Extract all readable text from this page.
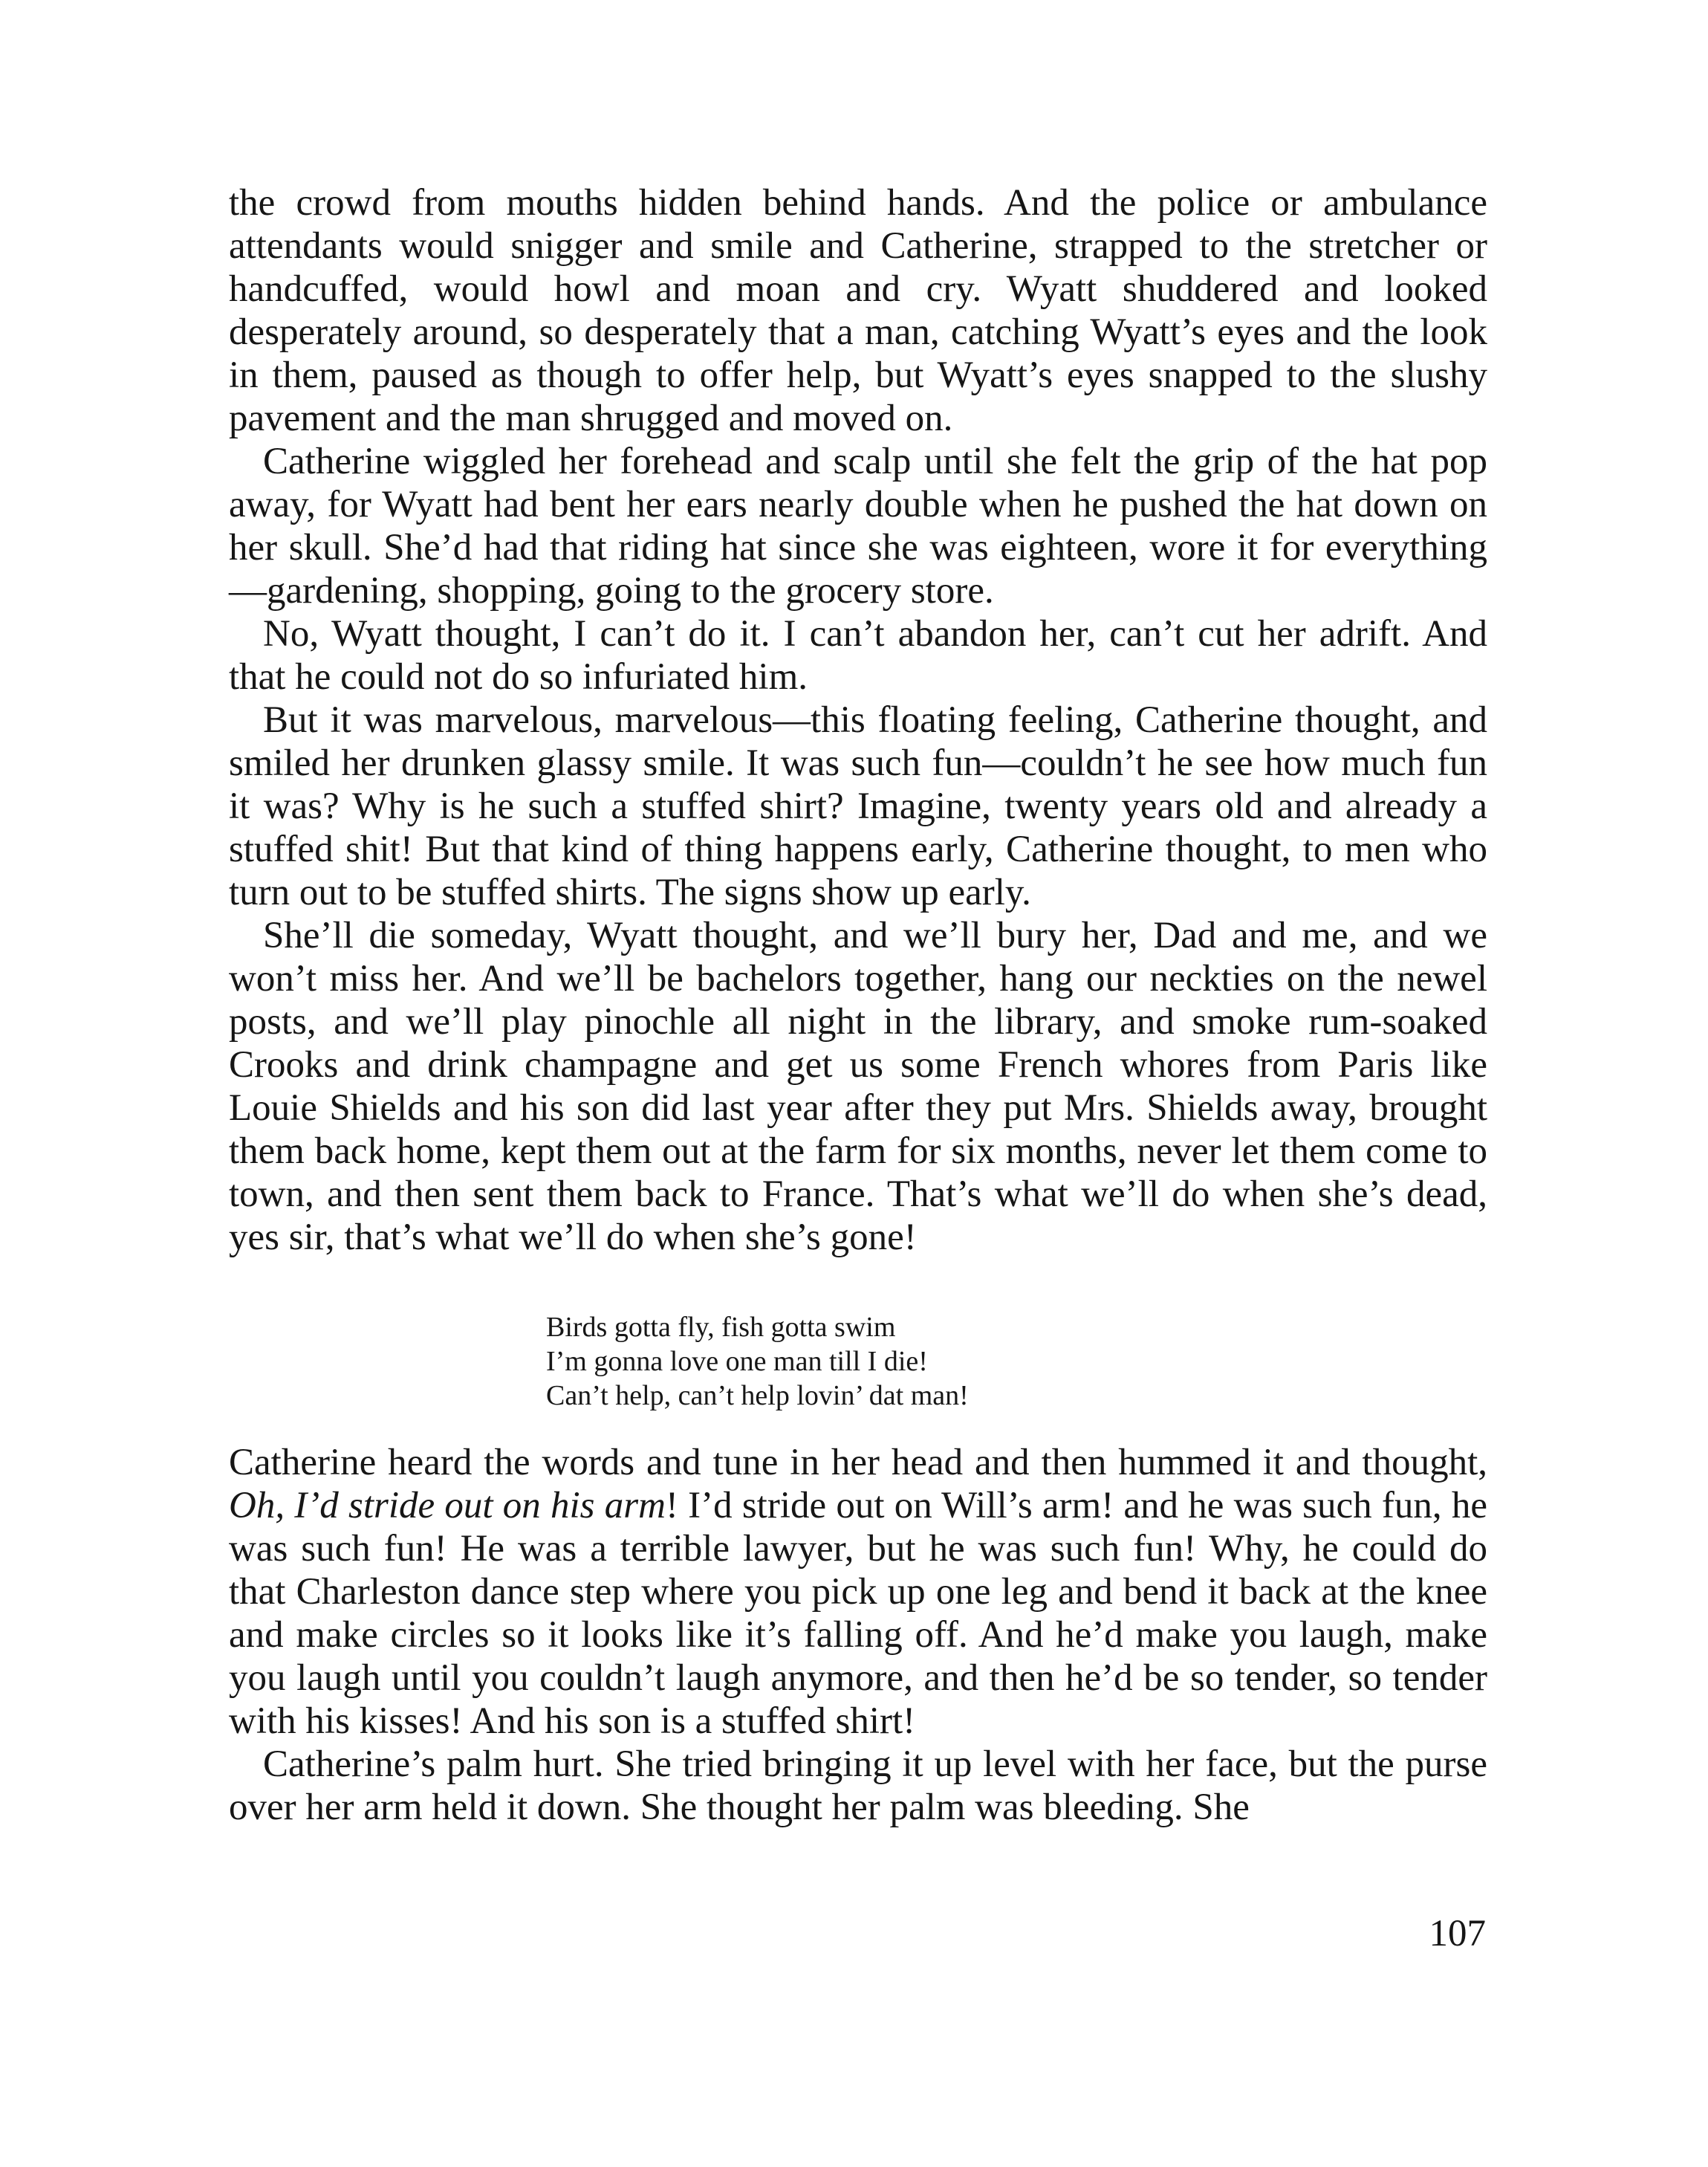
the crowd from mouths hidden behind hands. And the police or ambulance attendants would snigger and smile and Catherine, strapped to the stretcher or handcuffed, would howl and moan and cry. Wyatt shuddered and looked desperately around, so desperately that a man, catching Wyatt’s eyes and the look in them, paused as though to offer help, but Wyatt’s eyes snapped to the slushy pavement and the man shrugged and moved on.

Catherine wiggled her forehead and scalp until she felt the grip of the hat pop away, for Wyatt had bent her ears nearly double when he pushed the hat down on her skull. She’d had that riding hat since she was eighteen, wore it for everything—gardening, shopping, going to the grocery store.

No, Wyatt thought, I can’t do it. I can’t abandon her, can’t cut her adrift. And that he could not do so infuriated him.

But it was marvelous, marvelous—this floating feeling, Catherine thought, and smiled her drunken glassy smile. It was such fun—couldn’t he see how much fun it was? Why is he such a stuffed shirt? Imagine, twenty years old and already a stuffed shit! But that kind of thing happens early, Catherine thought, to men who turn out to be stuffed shirts. The signs show up early.

She’ll die someday, Wyatt thought, and we’ll bury her, Dad and me, and we won’t miss her. And we’ll be bachelors together, hang our neckties on the newel posts, and we’ll play pinochle all night in the library, and smoke rum-soaked Crooks and drink champagne and get us some French whores from Paris like Louie Shields and his son did last year after they put Mrs. Shields away, brought them back home, kept them out at the farm for six months, never let them come to town, and then sent them back to France. That’s what we’ll do when she’s dead, yes sir, that’s what we’ll do when she’s gone!

Birds gotta fly, fish gotta swim
I’m gonna love one man till I die!
Can’t help, can’t help lovin’ dat man!

Catherine heard the words and tune in her head and then hummed it and thought, Oh, I’d stride out on his arm! I’d stride out on Will’s arm! and he was such fun, he was such fun! He was a terrible lawyer, but he was such fun! Why, he could do that Charleston dance step where you pick up one leg and bend it back at the knee and make circles so it looks like it’s falling off. And he’d make you laugh, make you laugh until you couldn’t laugh anymore, and then he’d be so tender, so tender with his kisses! And his son is a stuffed shirt!

Catherine’s palm hurt. She tried bringing it up level with her face, but the purse over her arm held it down. She thought her palm was bleeding. She

107
